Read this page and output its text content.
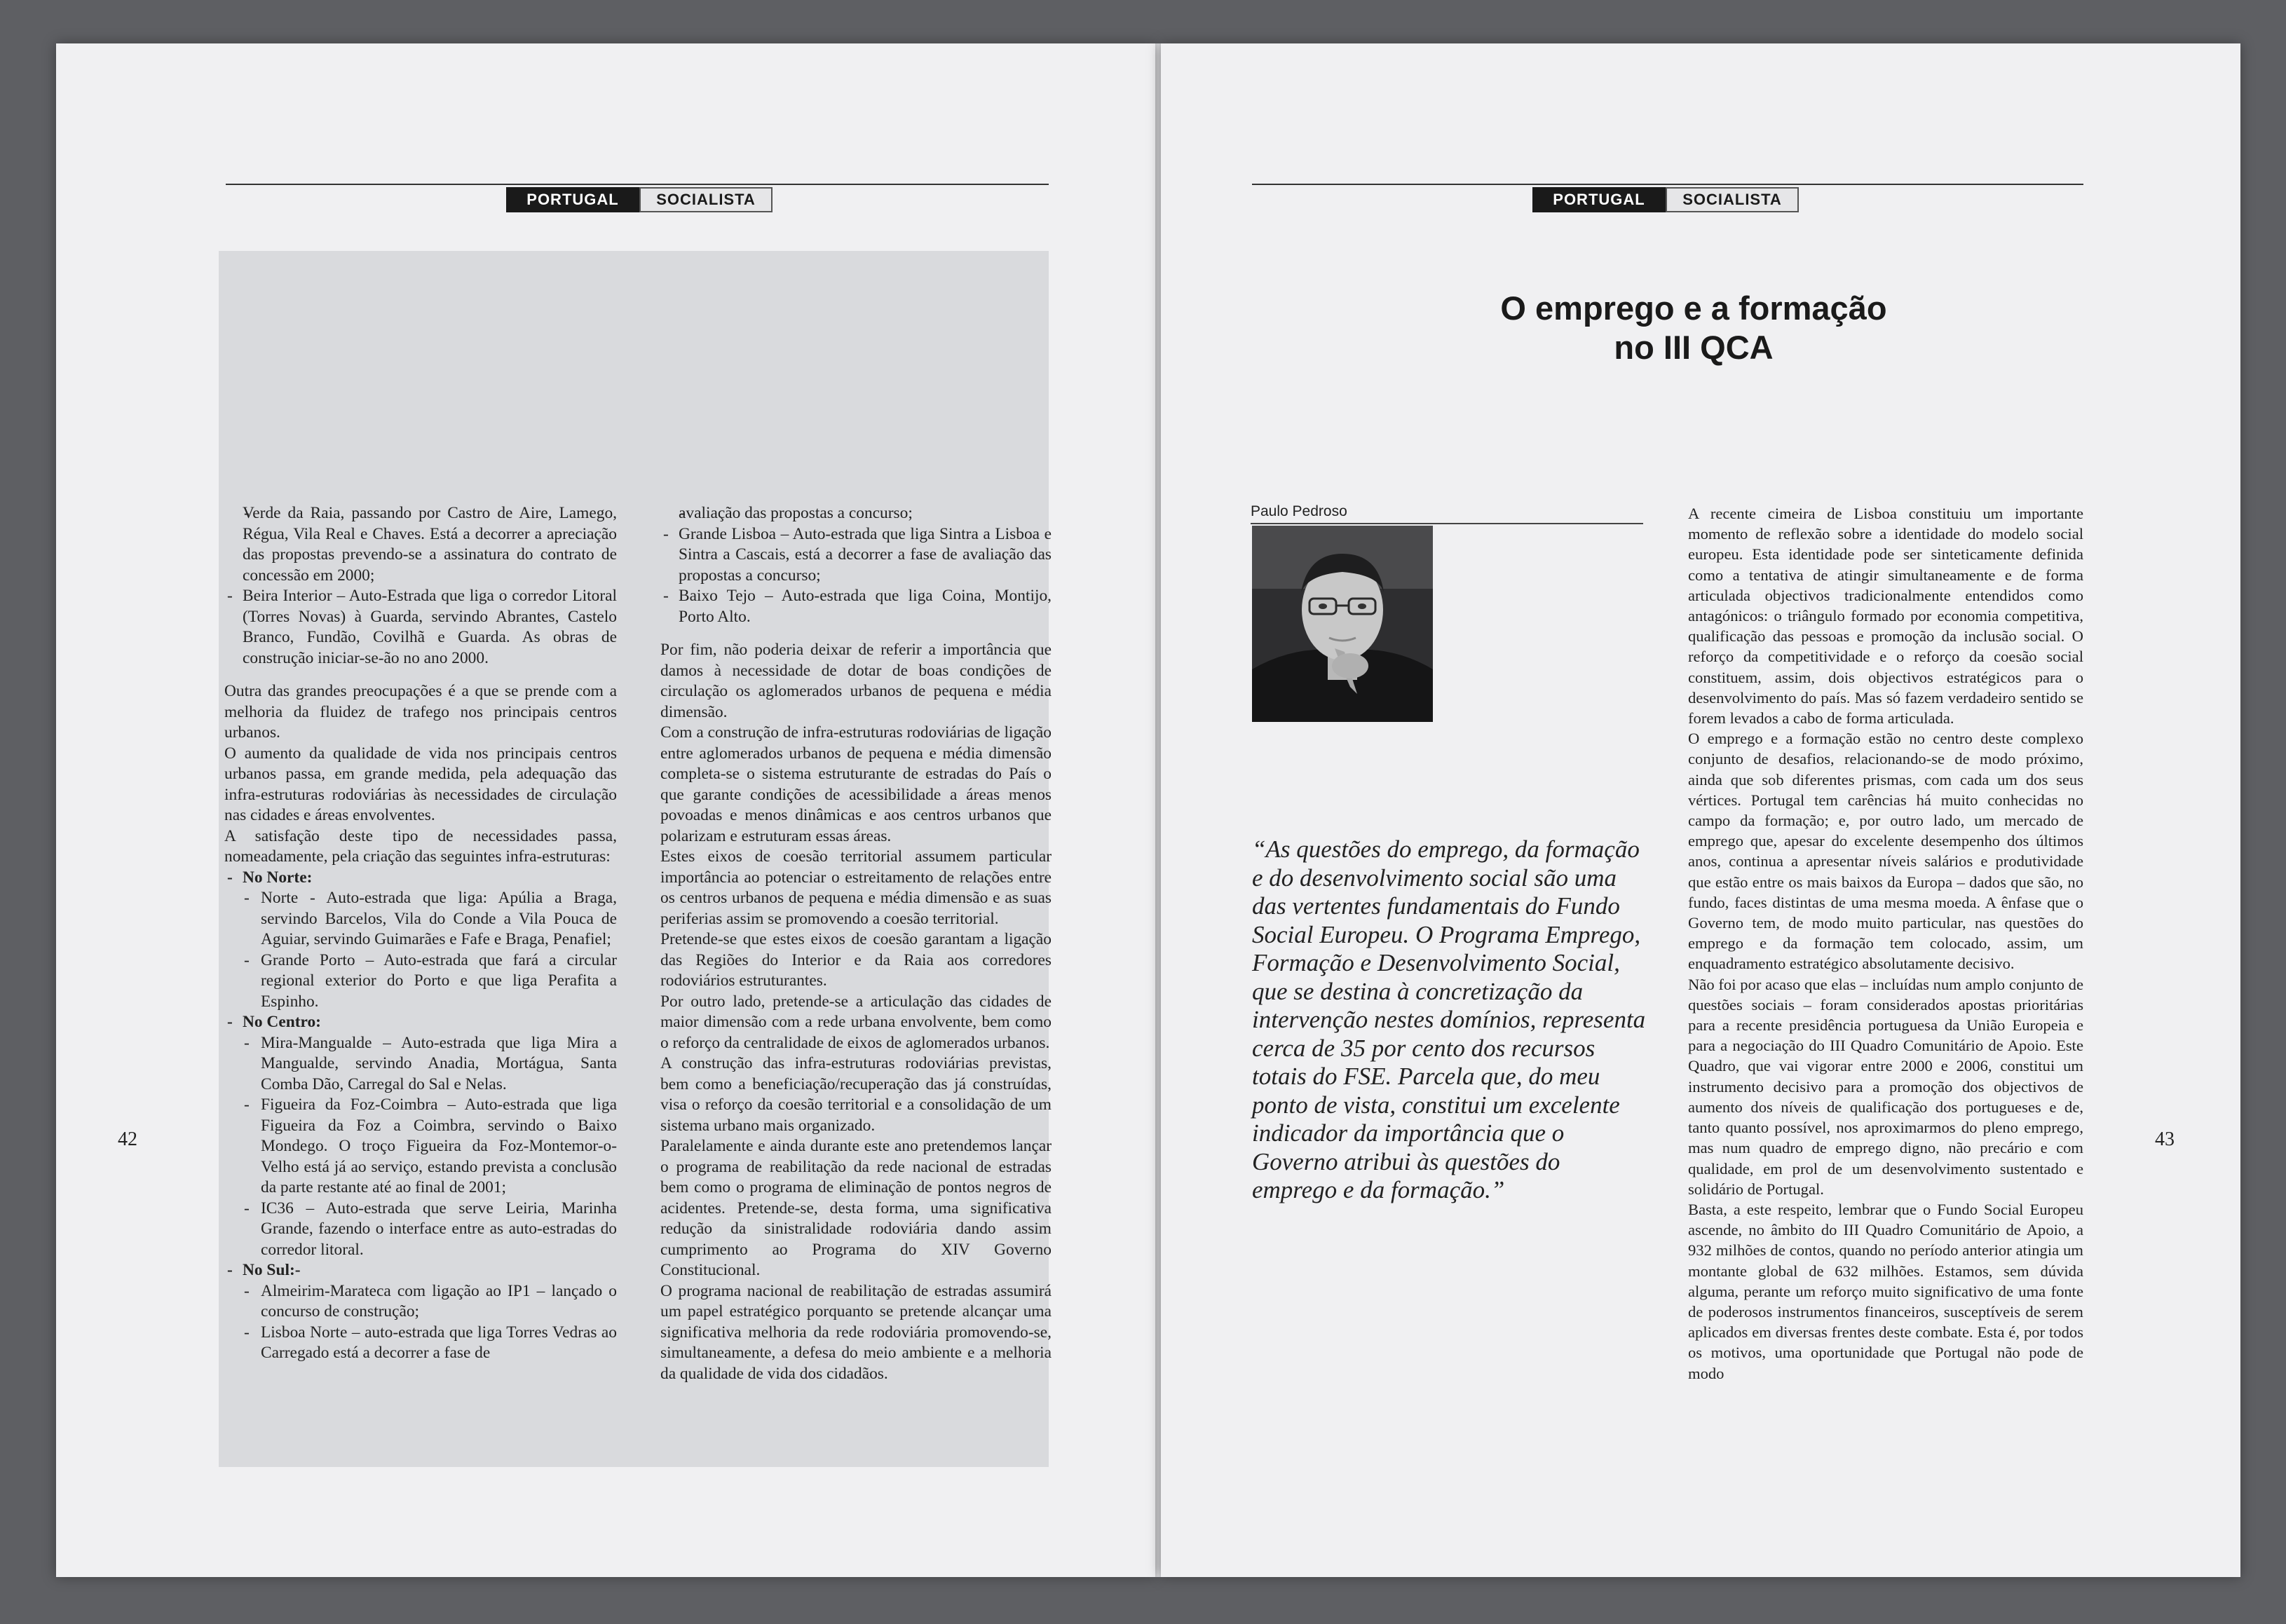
PORTUGAL	SOCIALISTA
- Verde da Raia, passando por Castro de Aire, Lamego, Régua, Vila Real e Chaves. Está a decorrer a apreciação das propostas prevendo-se a assinatura do contrato de concessão em 2000;
- Beira Interior – Auto-Estrada que liga o corredor Litoral (Torres Novas) à Guarda, servindo Abrantes, Castelo Branco, Fundão, Covilhã e Guarda. As obras de construção iniciar-se-ão no ano 2000.

Outra das grandes preocupações é a que se prende com a melhoria da fluidez de trafego nos principais centros urbanos.

O aumento da qualidade de vida nos principais centros urbanos passa, em grande medida, pela adequação das infra-estruturas rodoviárias às necessidades de circulação nas cidades e áreas envolventes.

A satisfação deste tipo de necessidades passa, nomeadamente, pela criação das seguintes infra-estruturas:

- No Norte:
- Norte - Auto-estrada que liga: Apúlia a Braga, servindo Barcelos, Vila do Conde a Vila Pouca de Aguiar, servindo Guimarães e Fafe e Braga, Penafiel;
- Grande Porto – Auto-estrada que fará a circular regional exterior do Porto e que liga Perafita a Espinho.
- No Centro:
- Mira-Mangualde – Auto-estrada que liga Mira a Mangualde, servindo Anadia, Mortágua, Santa Comba Dão, Carregal do Sal e Nelas.
- Figueira da Foz-Coimbra – Auto-estrada que liga Figueira da Foz a Coimbra, servindo o Baixo Mondego. O troço Figueira da Foz-Montemor-o-Velho está já ao serviço, estando prevista a conclusão da parte restante até ao final de 2001;
- IC36 – Auto-estrada que serve Leiria, Marinha Grande, fazendo o interface entre as auto-estradas do corredor litoral.
- No Sul:-
- Almeirim-Marateca com ligação ao IP1 – lançado o concurso de construção;
- Lisboa Norte – auto-estrada que liga Torres Vedras ao Carregado está a decorrer a fase de
- avaliação das propostas a concurso;
- Grande Lisboa – Auto-estrada que liga Sintra a Lisboa e Sintra a Cascais, está a decorrer a fase de avaliação das propostas a concurso;
- Baixo Tejo – Auto-estrada que liga Coina, Montijo, Porto Alto.

Por fim, não poderia deixar de referir a importância que damos à necessidade de dotar de boas condições de circulação os aglomerados urbanos de pequena e média dimensão.

Com a construção de infra-estruturas rodoviárias de ligação entre aglomerados urbanos de pequena e média dimensão completa-se o sistema estruturante de estradas do País o que garante condições de acessibilidade a áreas menos povoadas e menos dinâmicas e aos centros urbanos que polarizam e estruturam essas áreas.

Estes eixos de coesão territorial assumem particular importância ao potenciar o estreitamento de relações entre os centros urbanos de pequena e média dimensão e as suas periferias assim se promovendo a coesão territorial.

Pretende-se que estes eixos de coesão garantam a ligação das Regiões do Interior e da Raia aos corredores rodoviários estruturantes.

Por outro lado, pretende-se a articulação das cidades de maior dimensão com a rede urbana envolvente, bem como o reforço da centralidade de eixos de aglomerados urbanos.

A construção das infra-estruturas rodoviárias previstas, bem como a beneficiação/recuperação das já construídas, visa o reforço da coesão territorial e a consolidação de um sistema urbano mais organizado.

Paralelamente e ainda durante este ano pretendemos lançar o programa de reabilitação da rede nacional de estradas bem como o programa de eliminação de pontos negros de acidentes. Pretende-se, desta forma, uma significativa redução da sinistralidade rodoviária dando assim cumprimento ao Programa do XIV Governo Constitucional.

O programa nacional de reabilitação de estradas assumirá um papel estratégico porquanto se pretende alcançar uma significativa melhoria da rede rodoviária promovendo-se, simultaneamente, a defesa do meio ambiente e a melhoria da qualidade de vida dos cidadãos.

42
PORTUGAL	SOCIALISTA
O emprego e a formação
no III QCA
Paulo Pedroso

“As questões do emprego, da formação e do desenvolvimento social são uma das vertentes fundamentais do Fundo Social Europeu. O Programa Emprego, Formação e Desenvolvimento Social, que se destina à concretização da intervenção nestes domínios, representa cerca de 35 por cento dos recursos totais do FSE. Parcela que, do meu ponto de vista, constitui um excelente indicador da importância que o Governo atribui às questões do emprego e da formação.”

A recente cimeira de Lisboa constituiu um importante momento de reflexão sobre a identidade do modelo social europeu. Esta identidade pode ser sinteticamente definida como a tentativa de atingir simultaneamente e de forma articulada objectivos tradicionalmente entendidos como antagónicos: o triângulo formado por economia competitiva, qualificação das pessoas e promoção da inclusão social. O reforço da competitividade e o reforço da coesão social constituem, assim, dois objectivos estratégicos para o desenvolvimento do país. Mas só fazem verdadeiro sentido se forem levados a cabo de forma articulada.

O emprego e a formação estão no centro deste complexo conjunto de desafios, relacionando-se de modo próximo, ainda que sob diferentes prismas, com cada um dos seus vértices. Portugal tem carências há muito conhecidas no campo da formação; e, por outro lado, um mercado de emprego que, apesar do excelente desempenho dos últimos anos, continua a apresentar níveis salários e produtividade que estão entre os mais baixos da Europa – dados que são, no fundo, faces distintas de uma mesma moeda. A ênfase que o Governo tem, de modo muito particular, nas questões do emprego e da formação tem colocado, assim, um enquadramento estratégico absolutamente decisivo.

Não foi por acaso que elas – incluídas num amplo conjunto de questões sociais – foram considerados apostas prioritárias para a recente presidência portuguesa da União Europeia e para a negociação do III Quadro Comunitário de Apoio. Este Quadro, que vai vigorar entre 2000 e 2006, constitui um instrumento decisivo para a promoção dos objectivos de aumento dos níveis de qualificação dos portugueses e de, tanto quanto possível, nos aproximarmos do pleno emprego, mas num quadro de emprego digno, não precário e com qualidade, em prol de um desenvolvimento sustentado e solidário de Portugal.

Basta, a este respeito, lembrar que o Fundo Social Europeu ascende, no âmbito do III Quadro Comunitário de Apoio, a 932 milhões de contos, quando no período anterior atingia um montante global de 632 milhões. Estamos, sem dúvida alguma, perante um reforço muito significativo de uma fonte de poderosos instrumentos financeiros, susceptíveis de serem aplicados em diversas frentes deste combate. Esta é, por todos os motivos, uma oportunidade que Portugal não pode de modo

43
